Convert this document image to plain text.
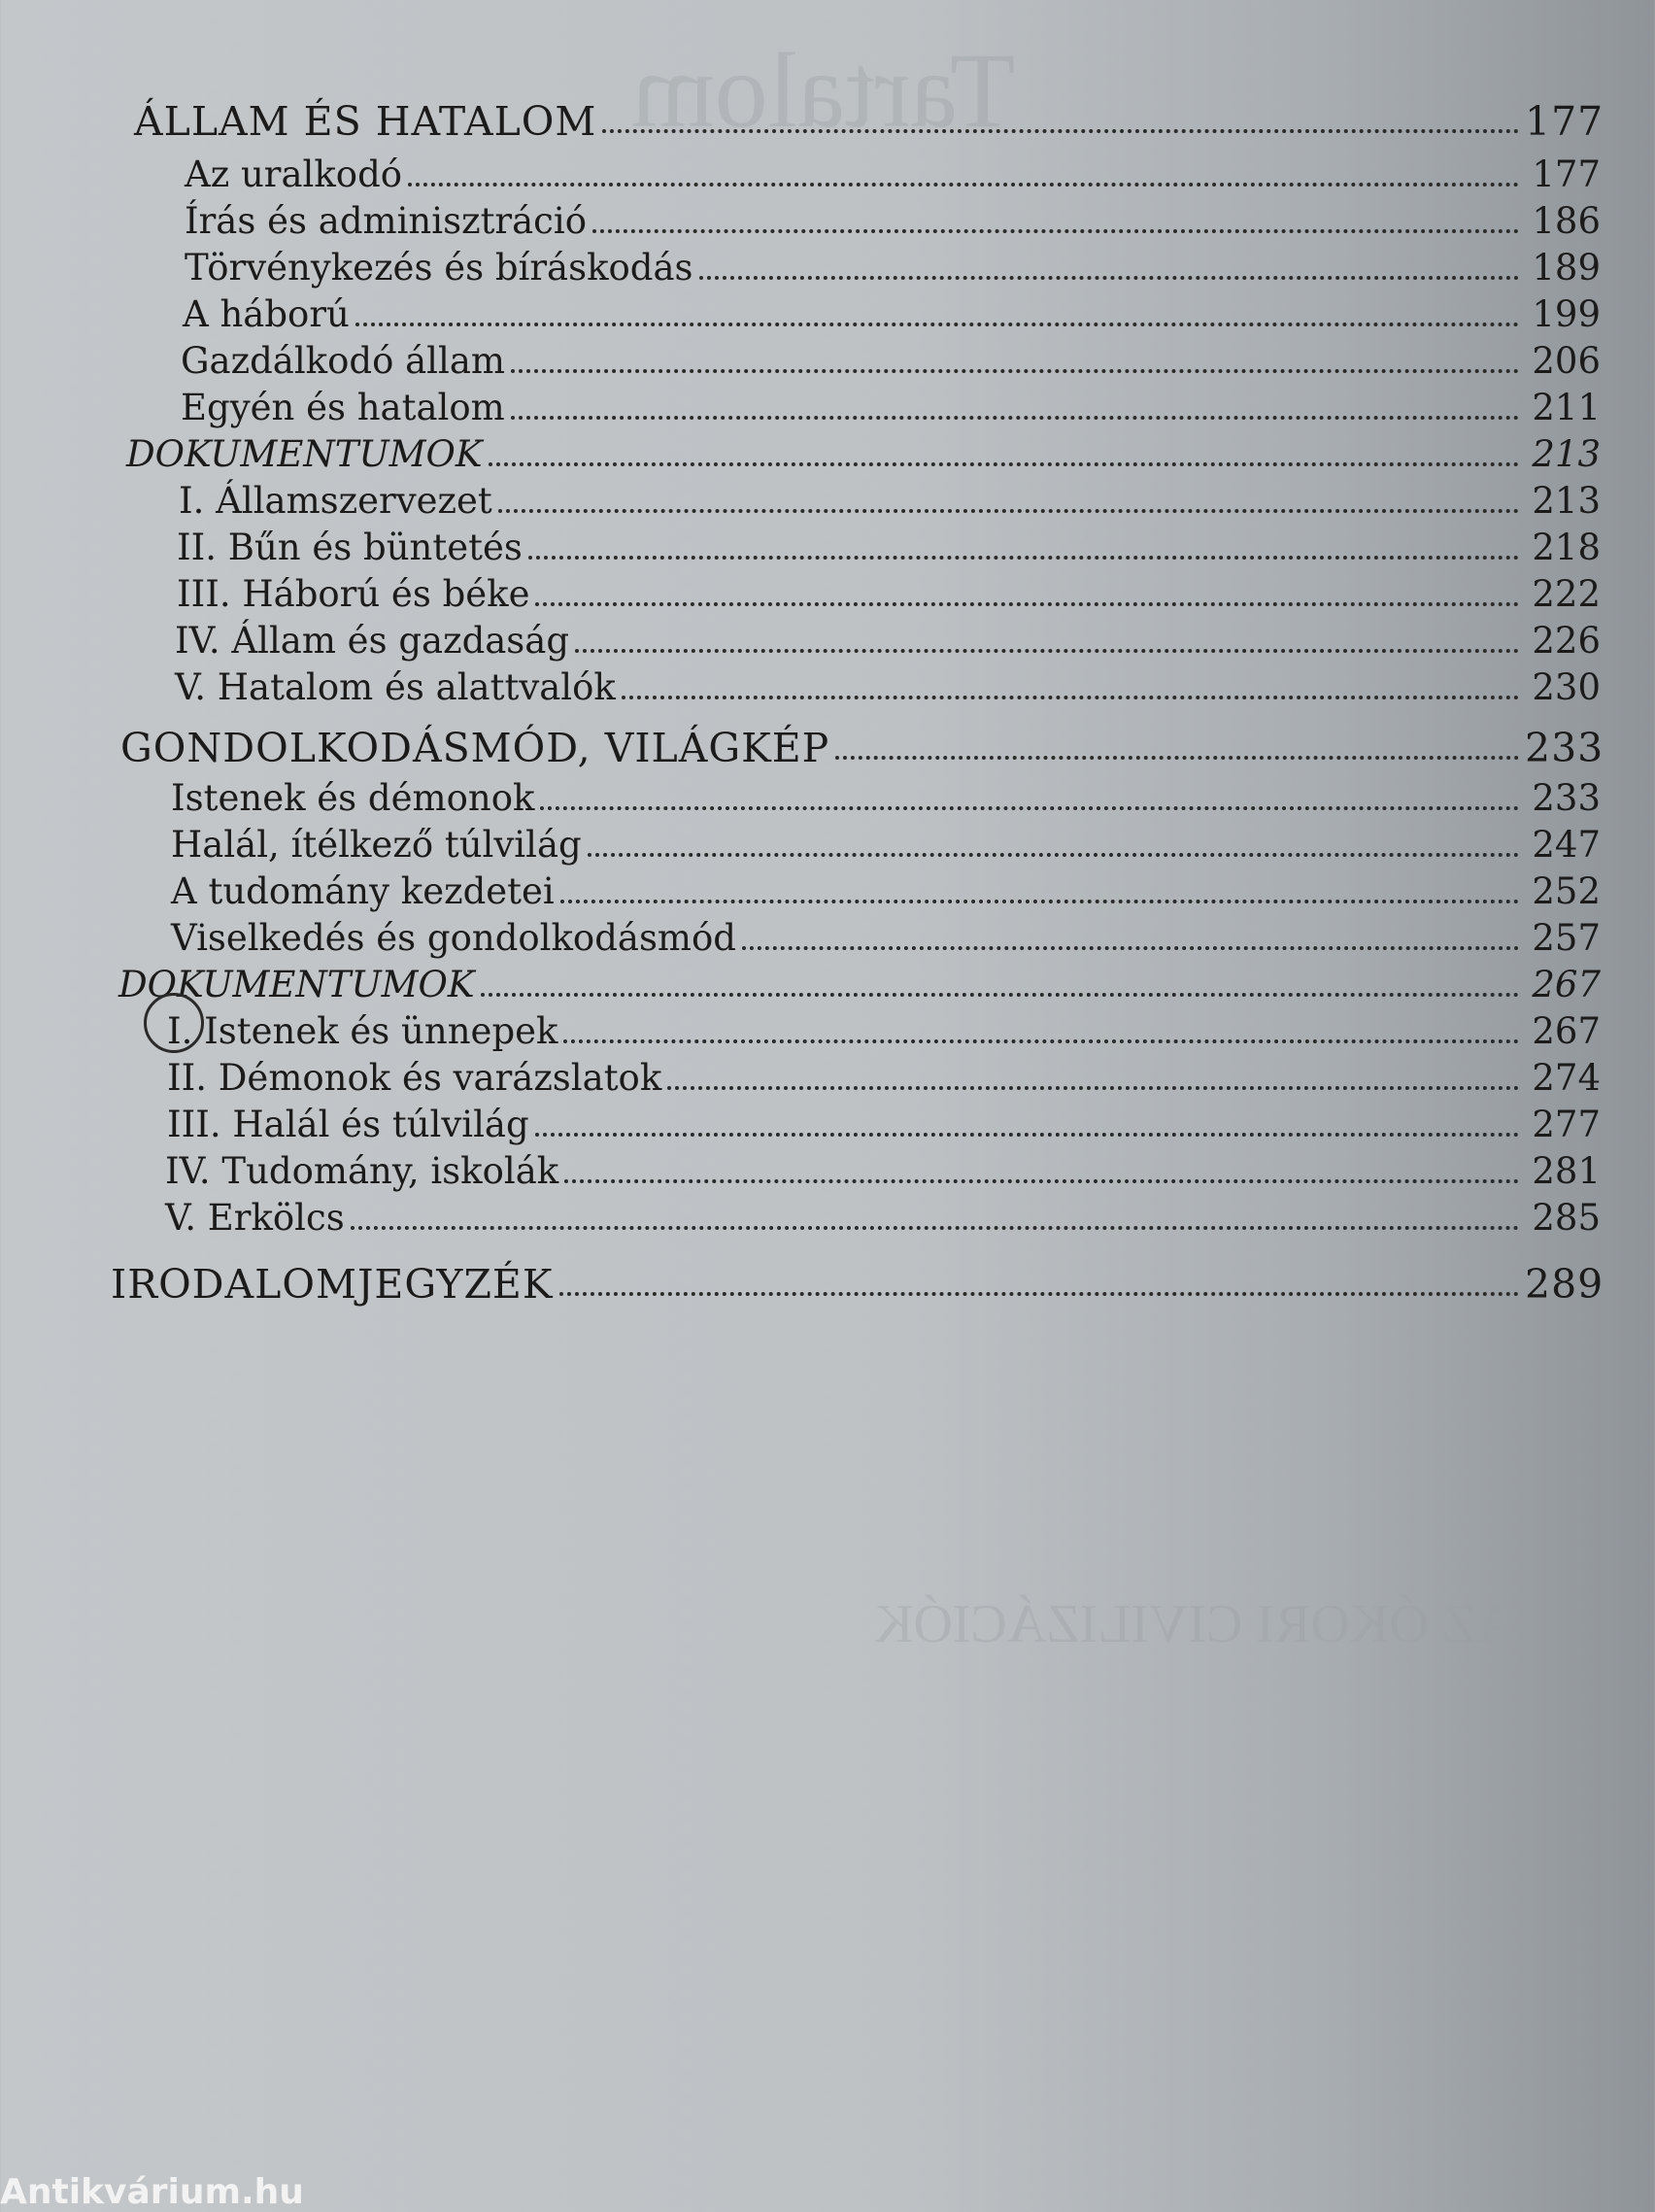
Tartalom
AZ ÓKORI CIVILIZÁCIÓK
ÁLLAM ÉS HATALOM	177
Az uralkodó	177
Írás és adminisztráció	186
Törvénykezés és bíráskodás	189
A háború	199
Gazdálkodó állam	206
Egyén és hatalom	211
DOKUMENTUMOK	213
I. Államszervezet	213
II. Bűn és büntetés	218
III. Háború és béke	222
IV. Állam és gazdaság	226
V. Hatalom és alattvalók	230
GONDOLKODÁSMÓD, VILÁGKÉP	233
Istenek és démonok	233
Halál, ítélkező túlvilág	247
A tudomány kezdetei	252
Viselkedés és gondolkodásmód	257
DOKUMENTUMOK	267
I. Istenek és ünnepek	267
II. Démonok és varázslatok	274
III. Halál és túlvilág	277
IV. Tudomány, iskolák	281
V. Erkölcs	285
IRODALOMJEGYZÉK	289
Antikvárium.hu
